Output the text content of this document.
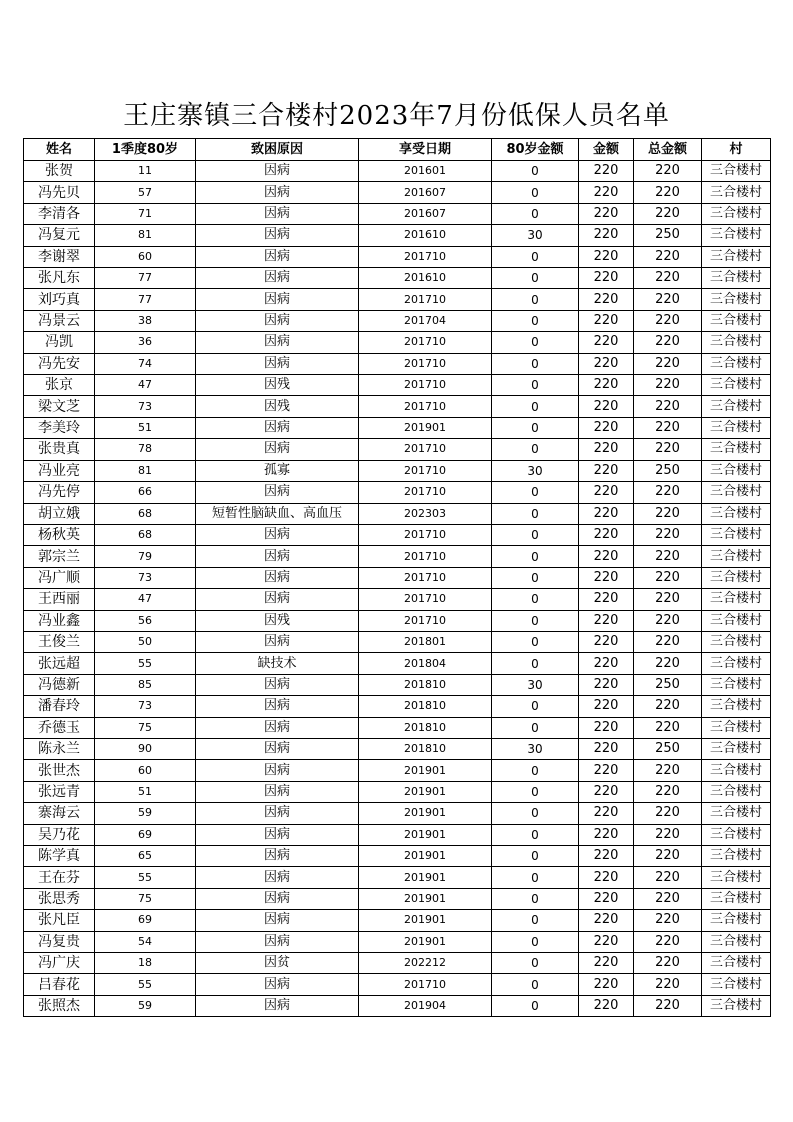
王庄寨镇三合楼村2023年7月份低保人员名单
姓名	1季度80岁	致困原因	享受日期	80岁金额	金额	总金额	村
张贺	11	因病	201601	0	220	220	三合楼村
冯先贝	57	因病	201607	0	220	220	三合楼村
李清各	71	因病	201607	0	220	220	三合楼村
冯复元	81	因病	201610	30	220	250	三合楼村
李谢翠	60	因病	201710	0	220	220	三合楼村
张凡东	77	因病	201610	0	220	220	三合楼村
刘巧真	77	因病	201710	0	220	220	三合楼村
冯景云	38	因病	201704	0	220	220	三合楼村
冯凯	36	因病	201710	0	220	220	三合楼村
冯先安	74	因病	201710	0	220	220	三合楼村
张京	47	因残	201710	0	220	220	三合楼村
梁文芝	73	因残	201710	0	220	220	三合楼村
李美玲	51	因病	201901	0	220	220	三合楼村
张贵真	78	因病	201710	0	220	220	三合楼村
冯业亮	81	孤寡	201710	30	220	250	三合楼村
冯先停	66	因病	201710	0	220	220	三合楼村
胡立娥	68	短暂性脑缺血、高血压	202303	0	220	220	三合楼村
杨秋英	68	因病	201710	0	220	220	三合楼村
郭宗兰	79	因病	201710	0	220	220	三合楼村
冯广顺	73	因病	201710	0	220	220	三合楼村
王西丽	47	因病	201710	0	220	220	三合楼村
冯业鑫	56	因残	201710	0	220	220	三合楼村
王俊兰	50	因病	201801	0	220	220	三合楼村
张远超	55	缺技术	201804	0	220	220	三合楼村
冯德新	85	因病	201810	30	220	250	三合楼村
潘春玲	73	因病	201810	0	220	220	三合楼村
乔德玉	75	因病	201810	0	220	220	三合楼村
陈永兰	90	因病	201810	30	220	250	三合楼村
张世杰	60	因病	201901	0	220	220	三合楼村
张远青	51	因病	201901	0	220	220	三合楼村
寨海云	59	因病	201901	0	220	220	三合楼村
吴乃花	69	因病	201901	0	220	220	三合楼村
陈学真	65	因病	201901	0	220	220	三合楼村
王在芬	55	因病	201901	0	220	220	三合楼村
张思秀	75	因病	201901	0	220	220	三合楼村
张凡臣	69	因病	201901	0	220	220	三合楼村
冯复贵	54	因病	201901	0	220	220	三合楼村
冯广庆	18	因贫	202212	0	220	220	三合楼村
吕春花	55	因病	201710	0	220	220	三合楼村
张照杰	59	因病	201904	0	220	220	三合楼村
